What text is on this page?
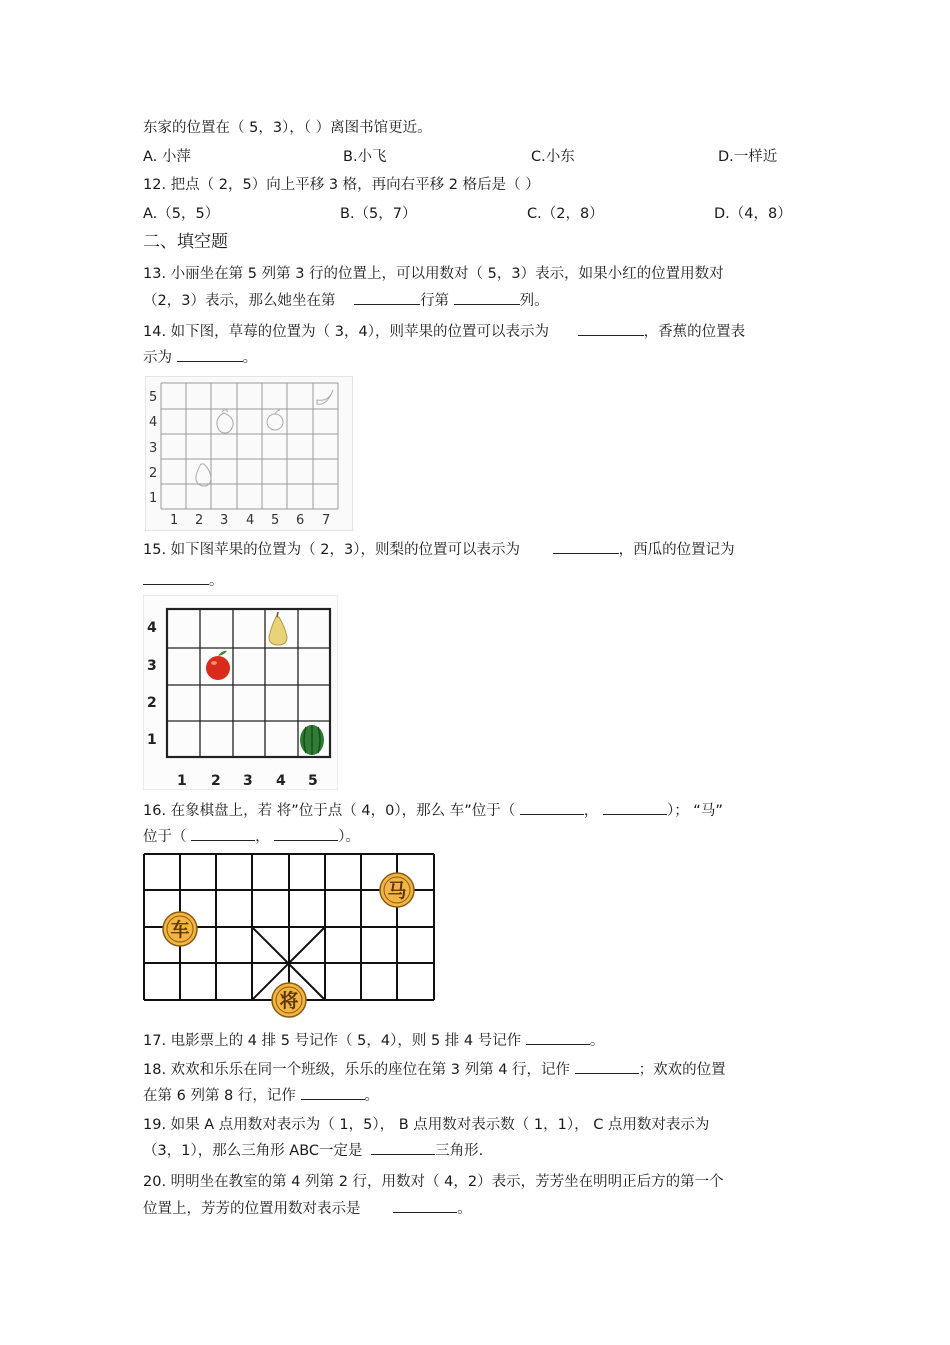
东家的位置在（ 5，3），（ ）离图书馆更近。
A. 小萍	B.小飞	C.小东	D.一样近
12. 把点（ 2，5）向上平移 3 格，再向右平移 2 格后是（ ）
A.（5，5）	B.（5，7）	C.（2，8）	D.（4，8）
二、填空题
13. 小丽坐在第 5 列第 3 行的位置上，可以用数对（ 5，3）表示，如果小红的位置用数对
（2，3）表示，那么她坐在第	行第	列。
14. 如下图，草莓的位置为（ 3，4），则苹果的位置可以表示为	，香蕉的位置表
示为	。
5
4
3
2
1
1 2 3 4 5 6 7
15. 如下图苹果的位置为（ 2，3），则梨的位置可以表示为	，西瓜的位置记为
。
4
3
2
1
1 2 3 4 5
16. 在象棋盘上，若 将”位于点（ 4，0），那么 车”位于（	，	）； “马”
位于（	，	）。
车
马
将
17. 电影票上的 4 排 5 号记作（ 5，4），则 5 排 4 号记作	。
18. 欢欢和乐乐在同一个班级，乐乐的座位在第 3 列第 4 行，记作	；欢欢的位置
在第 6 列第 8 行，记作	。
19. 如果 A 点用数对表示为（ 1，5）， B 点用数对表示数（ 1，1）， C 点用数对表示为
（3，1），那么三角形 ABC一定是	三角形.
20. 明明坐在教室的第 4 列第 2 行，用数对（ 4，2）表示，芳芳坐在明明正后方的第一个
位置上，芳芳的位置用数对表示是	。
